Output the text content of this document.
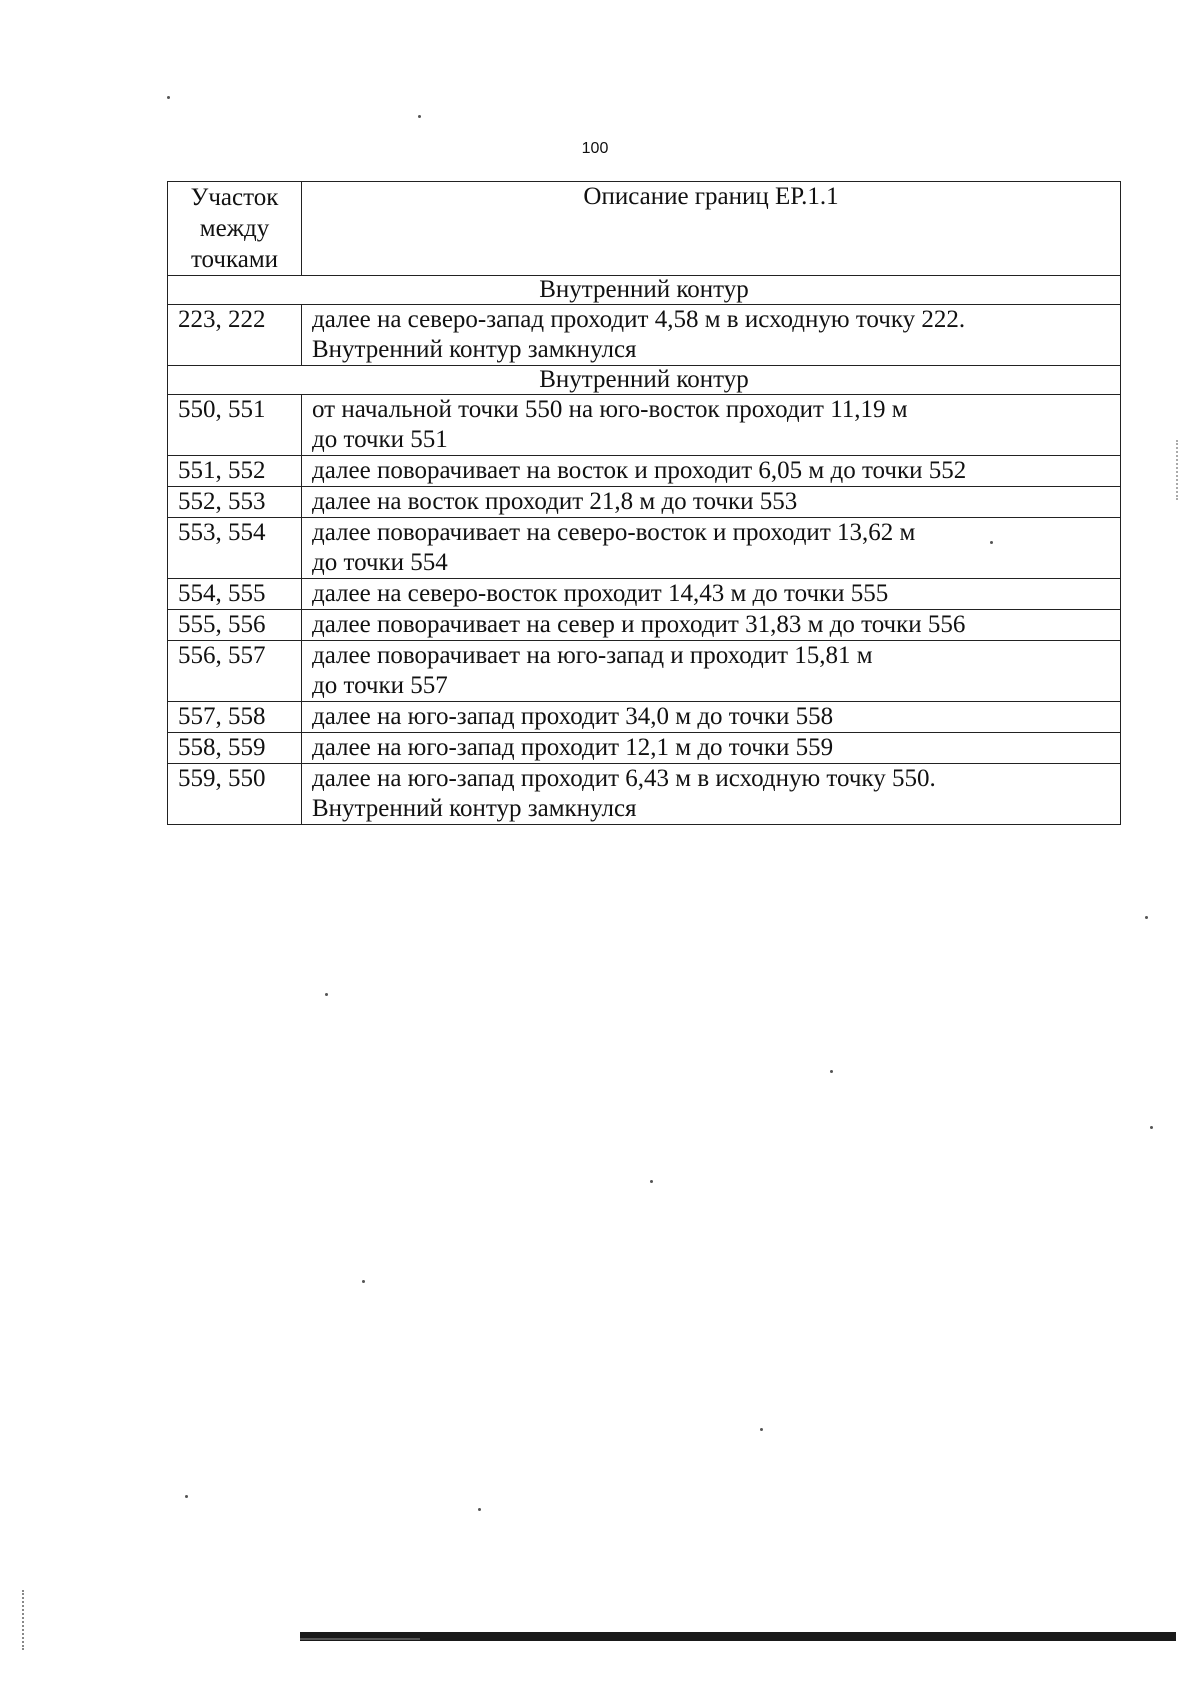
100
Участок
между
точками	Описание границ ЕР.1.1
Внутренний контур	
223, 222	далее на северо-запад проходит 4,58 м в исходную точку 222.
Внутренний контур замкнулся

Внутренний контур	
550, 551	от начальной точки 550 на юго-восток проходит 11,19 м
до точки 551

551, 552	далее поворачивает на восток и проходит 6,05 м до точки 552

552, 553	далее на восток проходит 21,8 м до точки 553

553, 554	далее поворачивает на северо-восток и проходит 13,62 м
до точки 554

554, 555	далее на северо-восток проходит 14,43 м до точки 555

555, 556	далее поворачивает на север и проходит 31,83 м до точки 556

556, 557	далее поворачивает на юго-запад и проходит 15,81 м
до точки 557

557, 558	далее на юго-запад проходит 34,0 м до точки 558

558, 559	далее на юго-запад проходит 12,1 м до точки 559

559, 550	далее на юго-запад проходит 6,43 м в исходную точку 550.
Внутренний контур замкнулся
